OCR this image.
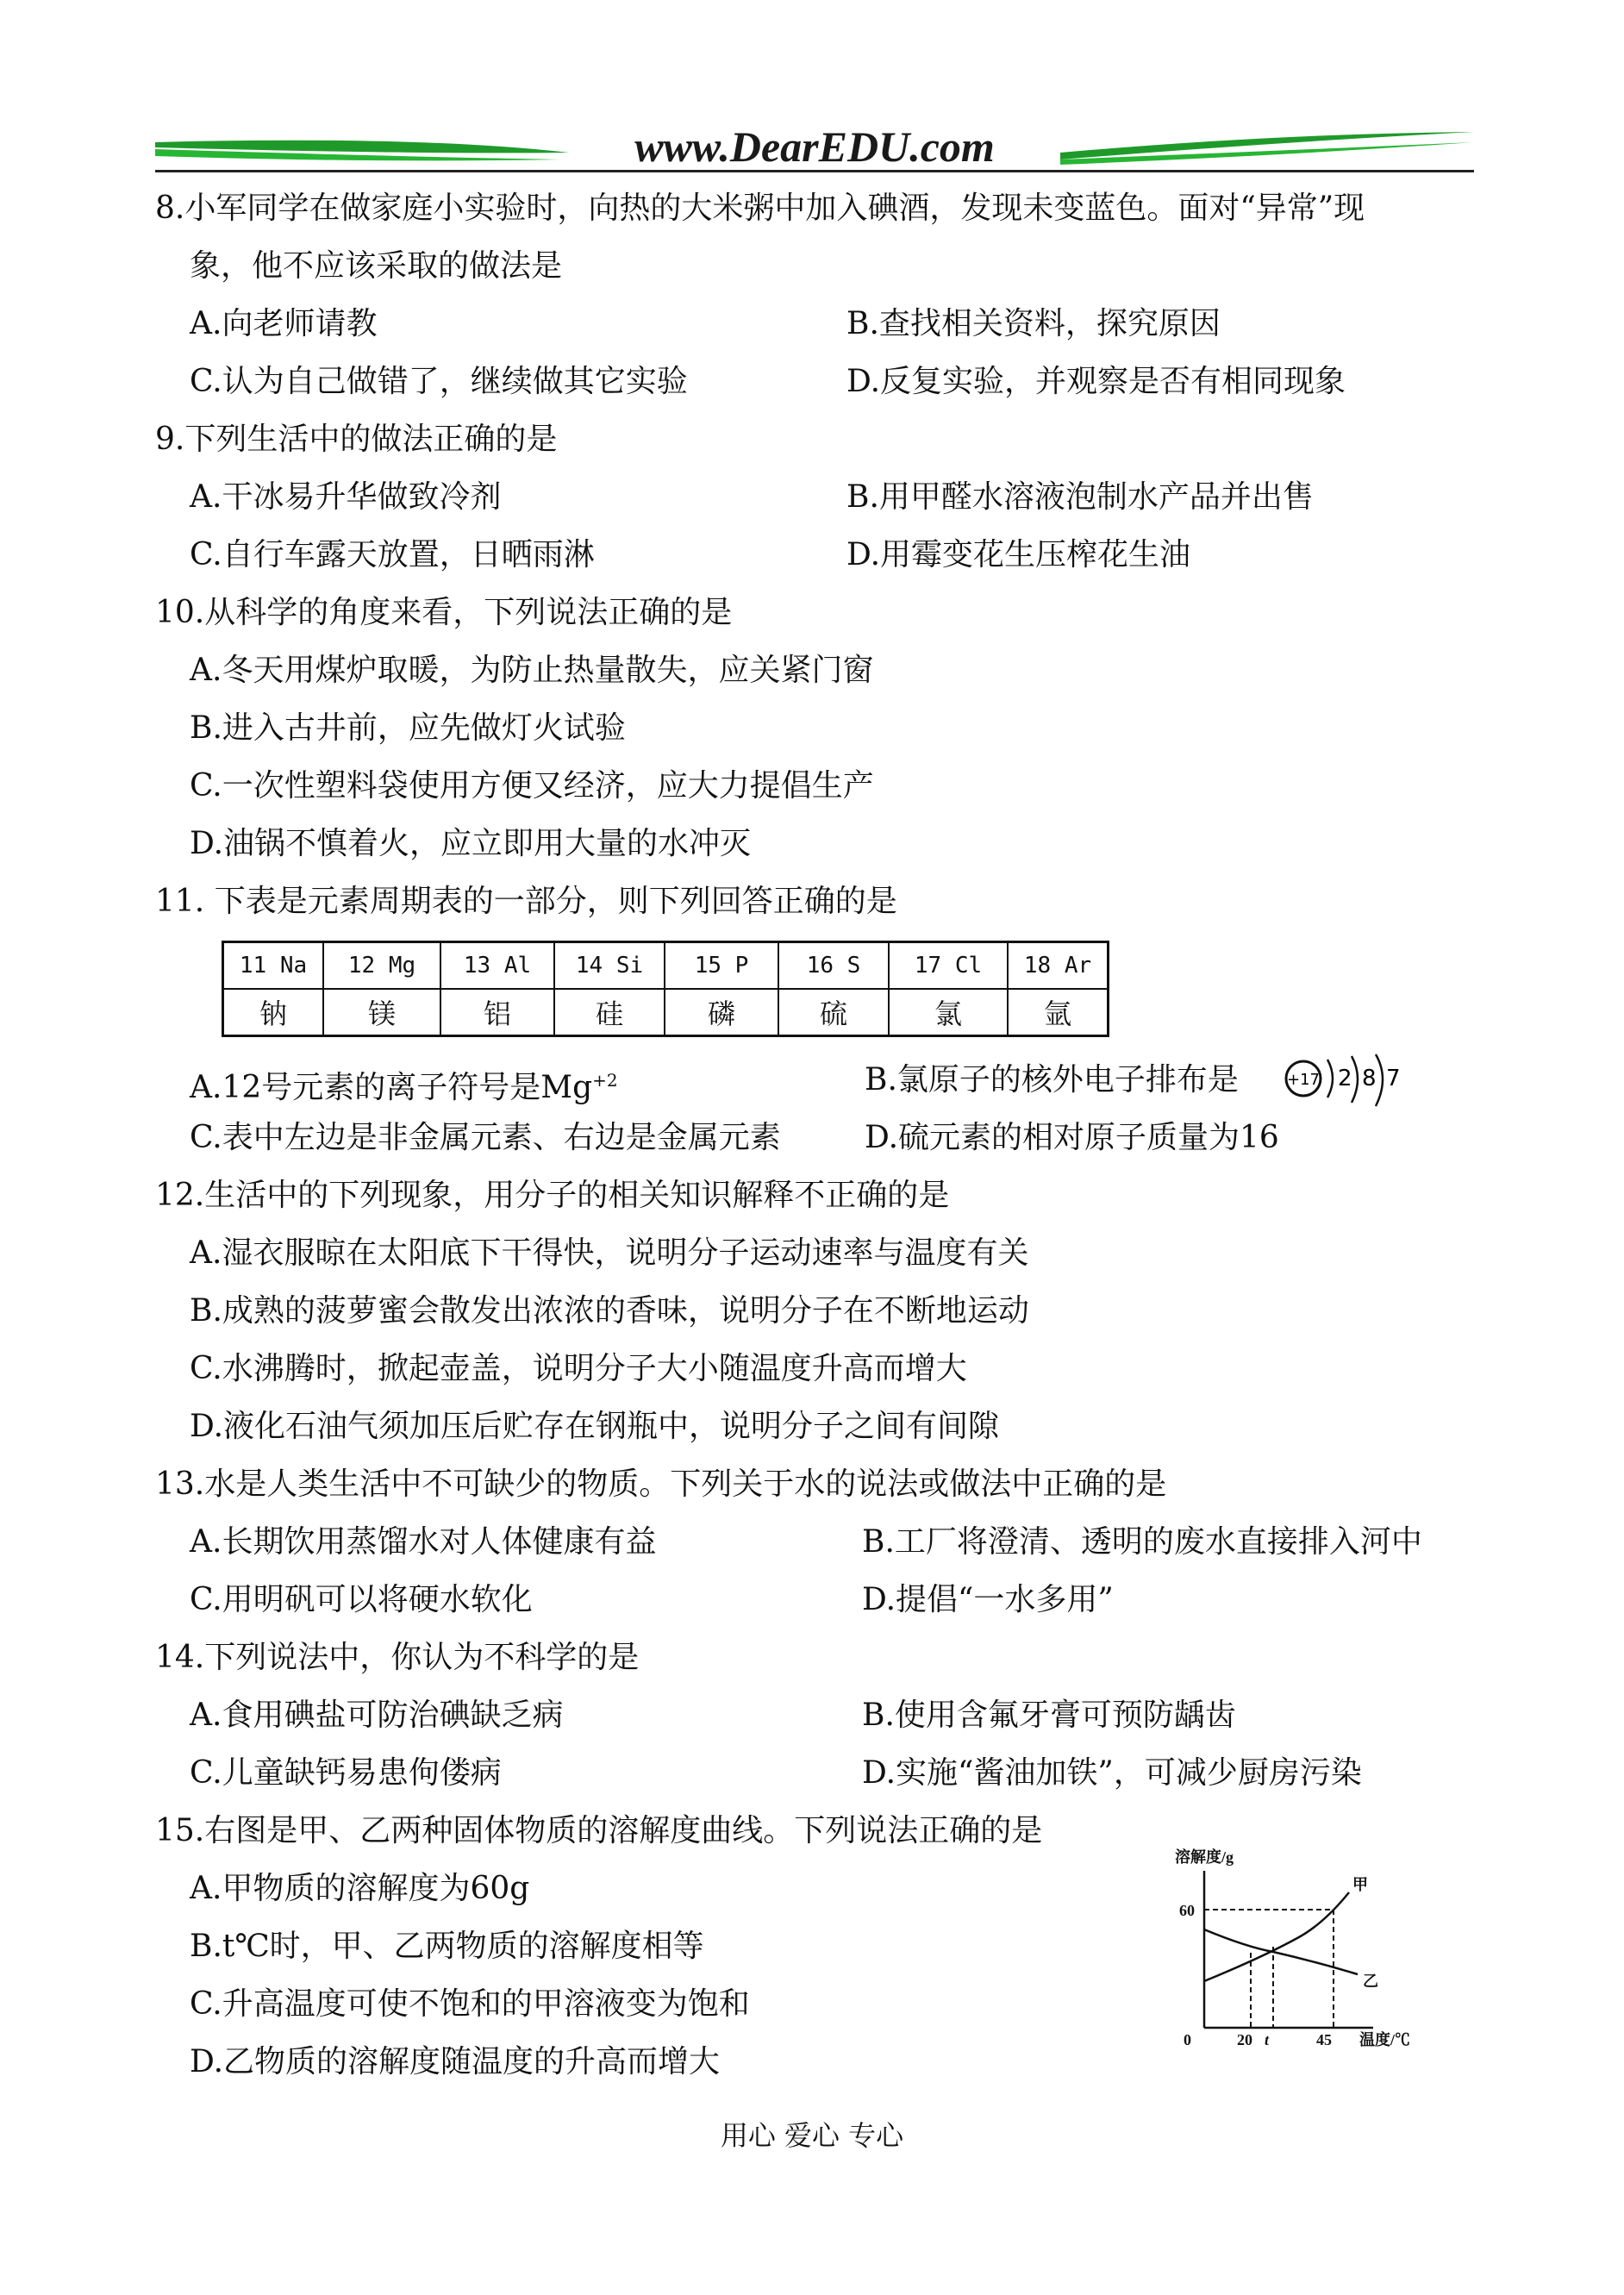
www.DearEDU.com
8.小军同学在做家庭小实验时，向热的大米粥中加入碘酒，发现未变蓝色。面对“异常”现
象，他不应该采取的做法是
A.向老师请教	B.查找相关资料，探究原因
C.认为自己做错了，继续做其它实验	D.反复实验，并观察是否有相同现象
9.下列生活中的做法正确的是
A.干冰易升华做致冷剂	B.用甲醛水溶液泡制水产品并出售
C.自行车露天放置，日晒雨淋	D.用霉变花生压榨花生油
10.从科学的角度来看，下列说法正确的是
A.冬天用煤炉取暖，为防止热量散失，应关紧门窗
B.进入古井前，应先做灯火试验
C.一次性塑料袋使用方便又经济，应大力提倡生产
D.油锅不慎着火，应立即用大量的水冲灭
11. 下表是元素周期表的一部分，则下列回答正确的是
11 Na	12 Mg	13 Al	14 Si	15 P	16 S	17 Cl	18 Ar
钠	镁	铝	硅	磷	硫	氯	氩
A.12号元素的离子符号是$Mg^{+2}$	B.氯原子的核外电子排布是	+17 2 8 7
C.表中左边是非金属元素、右边是金属元素	D.硫元素的相对原子质量为16
12.生活中的下列现象，用分子的相关知识解释不正确的是
A.湿衣服晾在太阳底下干得快，说明分子运动速率与温度有关
B.成熟的菠萝蜜会散发出浓浓的香味，说明分子在不断地运动
C.水沸腾时，掀起壶盖，说明分子大小随温度升高而增大
D.液化石油气须加压后贮存在钢瓶中，说明分子之间有间隙
13.水是人类生活中不可缺少的物质。下列关于水的说法或做法中正确的是
A.长期饮用蒸馏水对人体健康有益	B.工厂将澄清、透明的废水直接排入河中
C.用明矾可以将硬水软化	D.提倡“一水多用”
14.下列说法中，你认为不科学的是
A.食用碘盐可防治碘缺乏病	B.使用含氟牙膏可预防龋齿
C.儿童缺钙易患佝偻病	D.实施“酱油加铁”，可减少厨房污染
15.右图是甲、乙两种固体物质的溶解度曲线。下列说法正确的是
A.甲物质的溶解度为60g
B.t℃时，甲、乙两物质的溶解度相等
C.升高温度可使不饱和的甲溶液变为饱和
D.乙物质的溶解度随温度的升高而增大
溶解度/g
温度/℃
0
60
20 t	45
甲
乙
用心 爱心 专心
